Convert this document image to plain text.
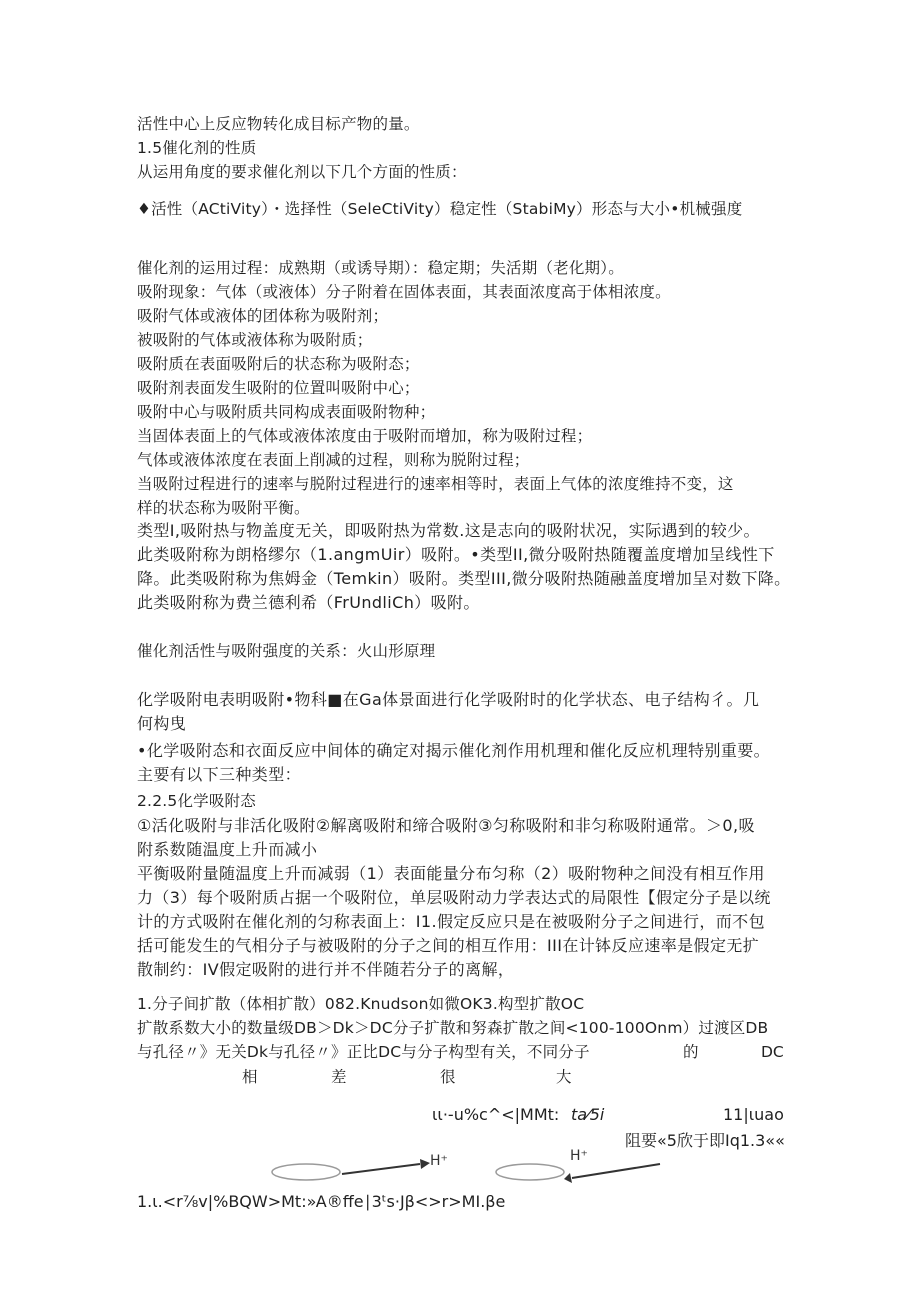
活性中心上反应物转化成目标产物的量。
1.5催化剂的性质
从运用角度的要求催化剂以下几个方面的性质：
♦活性（ACtiVity）・选择性（SeleCtiVity）稳定性（StabiMy）形态与大小•机械强度
催化剂的运用过程：成熟期（或诱导期）：稳定期；失活期（老化期）。
吸附现象：气体（或液体）分子附着在固体表面，其表面浓度高于体相浓度。
吸附气体或液体的团体称为吸附剂；
被吸附的气体或液体称为吸附质；
吸附质在表面吸附后的状态称为吸附态；
吸附剂表面发生吸附的位置叫吸附中心；
吸附中心与吸附质共同构成表面吸附物种；
当固体表面上的气体或液体浓度由于吸附而增加，称为吸附过程；
气体或液体浓度在表面上削减的过程，则称为脱附过程；
当吸附过程进行的速率与脱附过程进行的速率相等时，表面上气体的浓度维持不变，这
样的状态称为吸附平衡。
类型I,吸附热与物盖度无关，即吸附热为常数.这是志向的吸附状况，实际遇到的较少。
此类吸附称为朗格缪尔（1.angmUir）吸附。•类型II,微分吸附热随覆盖度增加呈线性下
降。此类吸附称为焦姆金（Temkin）吸附。类型III,微分吸附热随融盖度增加呈对数下降。
此类吸附称为费兰德利希（FrUndliCh）吸附。
催化剂活性与吸附强度的关系：火山形原理
化学吸附电表明吸附•物科■在Ga体景面进行化学吸附时的化学状态、电子结构彳。几
何构曳
•化学吸附态和衣面反应中间体的确定对揭示催化剂作用机理和催化反应机理特别重要。
主要有以下三种类型：
2.2.5化学吸附态
①活化吸附与非活化吸附②解离吸附和缔合吸附③匀称吸附和非匀称吸附通常。＞0,吸
附系数随温度上升而减小
平衡吸附量随温度上升而减弱（1）表面能量分布匀称（2）吸附物种之间没有相互作用
力（3）每个吸附质占据一个吸附位，单层吸附动力学表达式的局限性【假定分子是以统
计的方式吸附在催化剂的匀称表面上：I1.假定反应只是在被吸附分子之间进行，而不包
括可能发生的气相分子与被吸附的分子之间的相互作用：III在计钵反应速率是假定无扩
散制约：IV假定吸附的进行并不伴随若分子的离解，
1.分子间扩散（体相扩散）082.Knudson如微OK3.构型扩散OC
扩散系数大小的数量级DB＞Dk＞DC分子扩散和努森扩散之间<100-100Onm）过渡区DB
与孔径〃》无关Dk与孔径〃》正比DC与分子构型有关，不同分子	的	DC
相	差	很	大
ιι·-u%c^<|MMt: ta⁄5i	11|ιuao
阻要«5欣于即Iq1.3««
H⁺	H⁺
1.ι.<r⅞v|%BQW>Mt:»A®ffe∣3ᵗs·Jβ<>r>MI.βe
